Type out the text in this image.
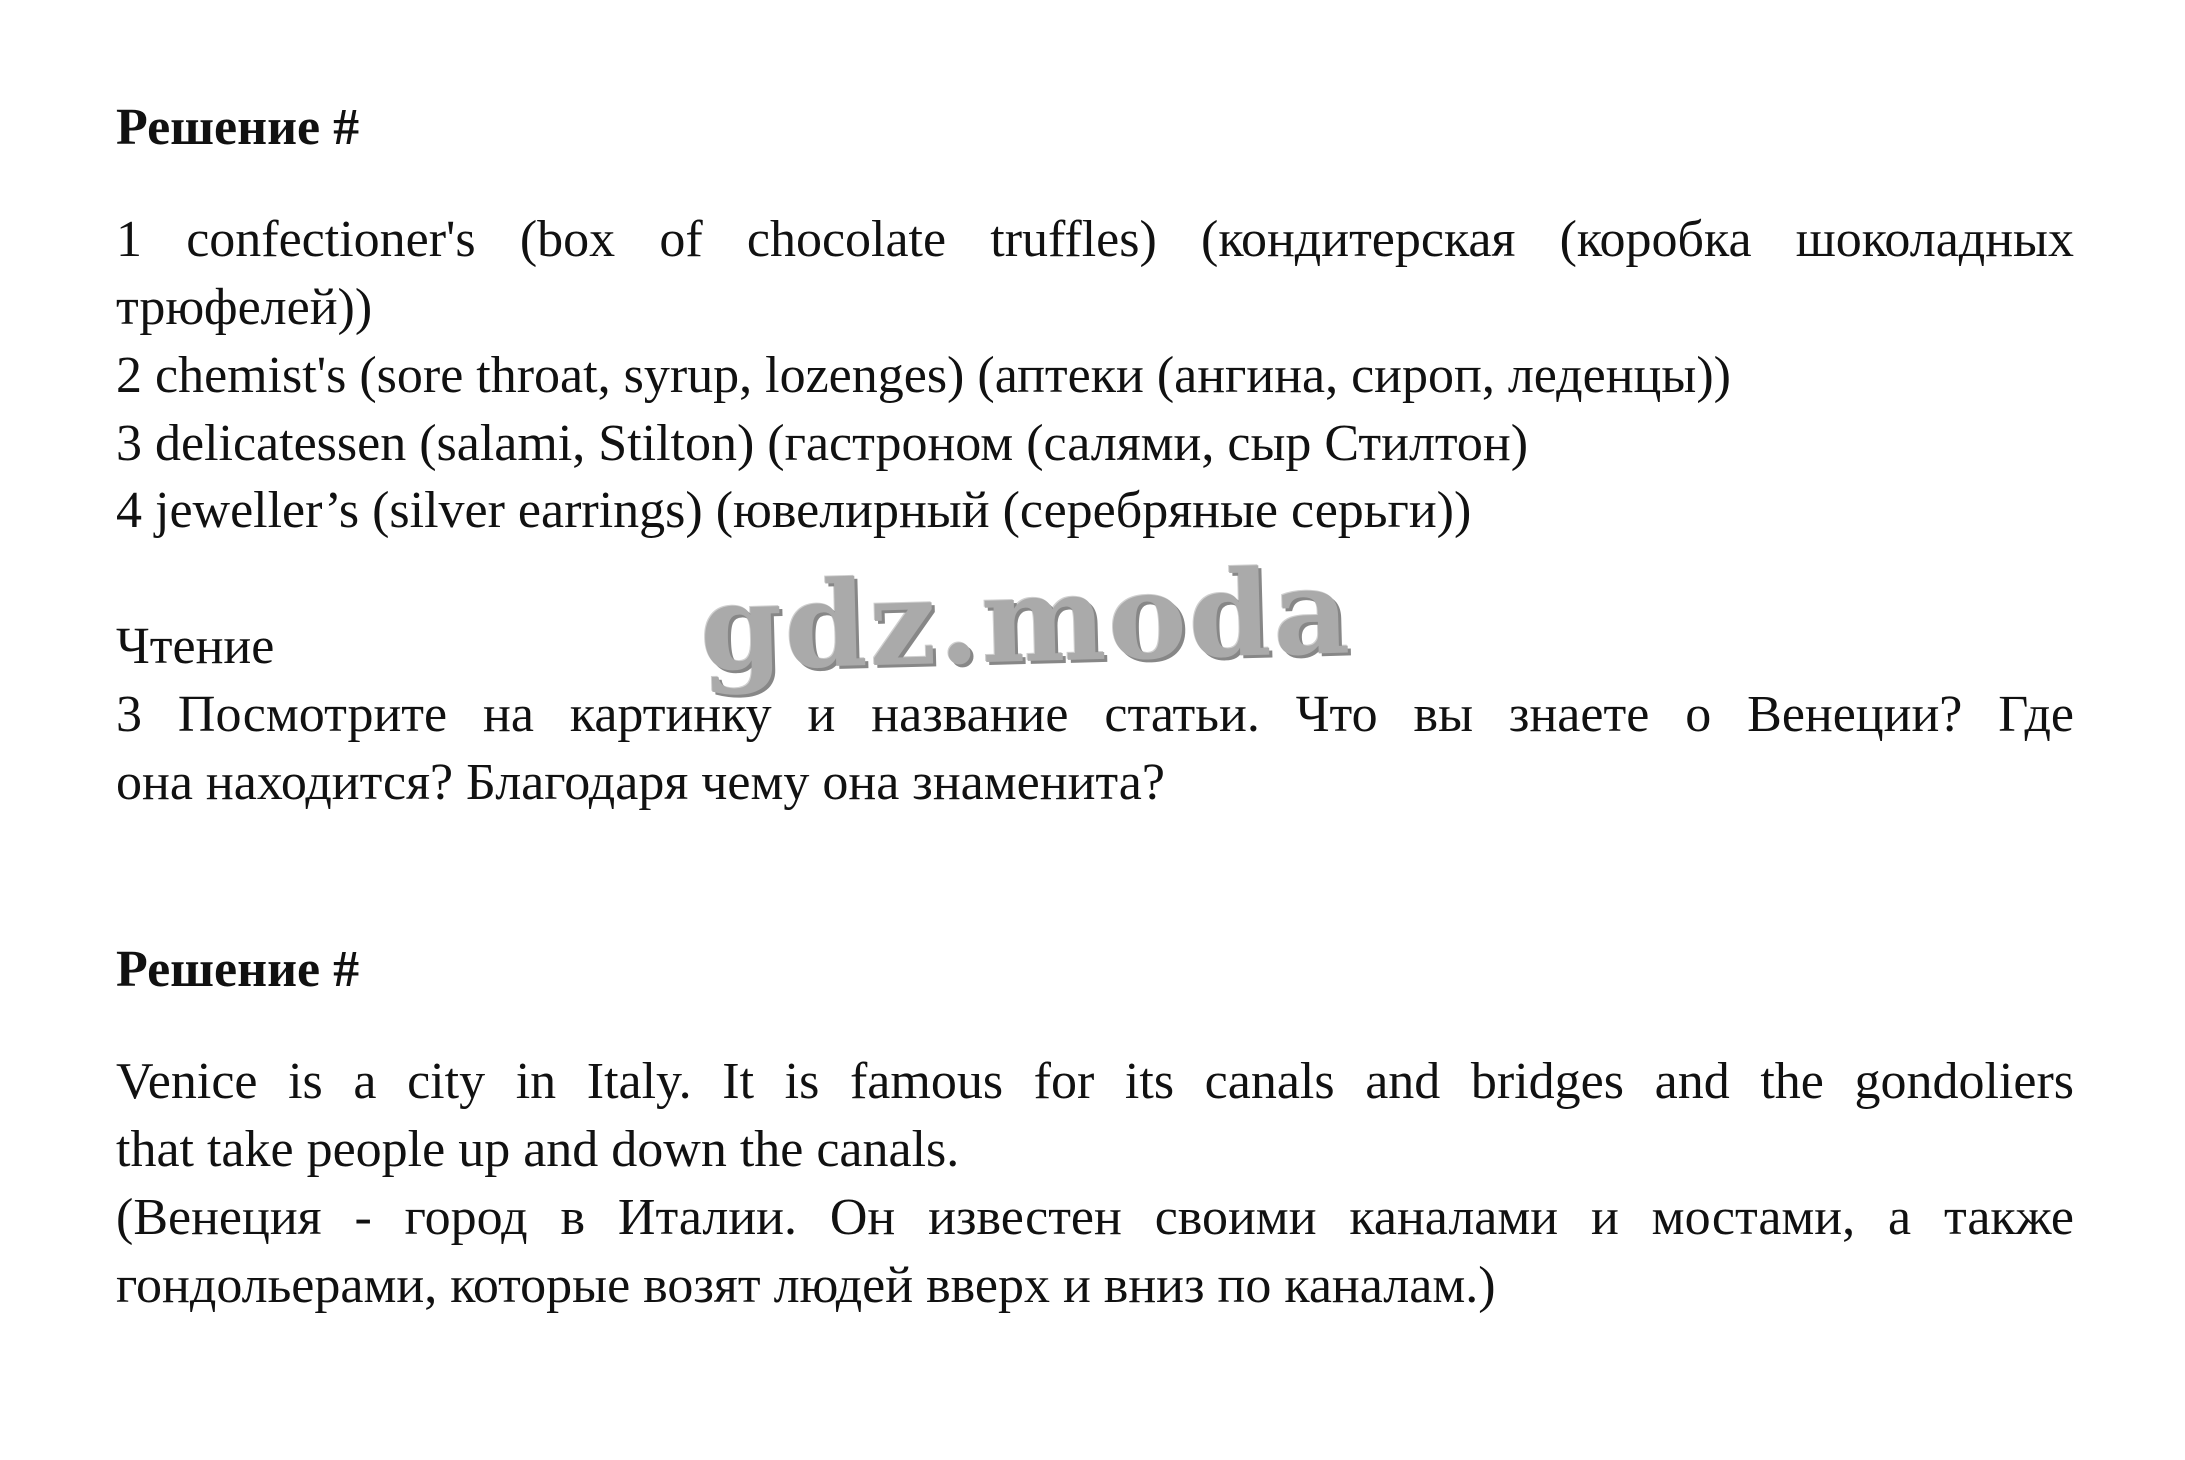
Решение #
1 confectioner's (box of chocolate truffles) (кондитерская (коробка шоколадных
трюфелей))
2 chemist's (sore throat, syrup, lozenges) (аптеки (ангина, сироп, леденцы))
3 delicatessen (salami, Stilton) (гастроном (салями, сыр Стилтон)
4 jeweller’s (silver earrings) (ювелирный (серебряные серьги))
Чтение
3 Посмотрите на картинку и название статьи. Что вы знаете о Венеции? Где
она находится? Благодаря чему она знаменита?
Решение #
Venice is a city in Italy. It is famous for its canals and bridges and the gondoliers
that take people up and down the canals.
(Венеция - город в Италии. Он известен своими каналами и мостами, а также
гондольерами, которые возят людей вверх и вниз по каналам.)
gdz.moda
